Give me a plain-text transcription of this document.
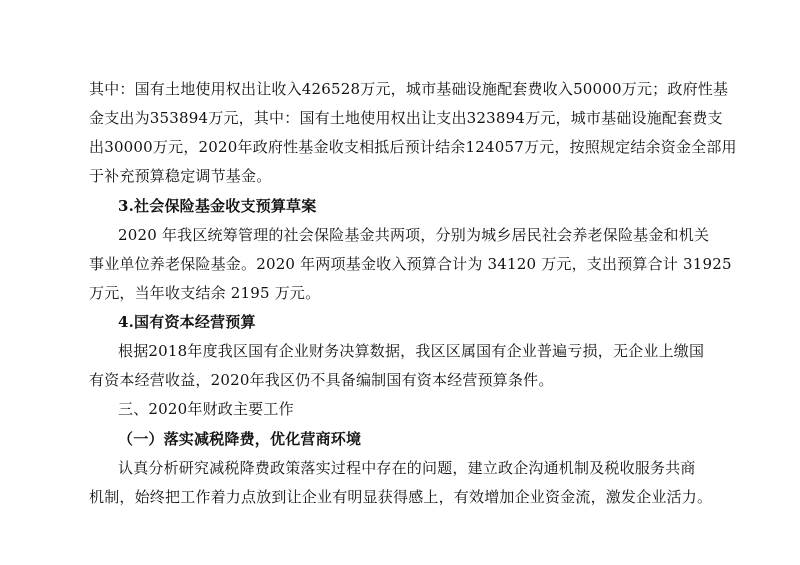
其中：国有土地使用权出让收入426528万元，城市基础设施配套费收入50000万元；政府性基
金支出为353894万元，其中：国有土地使用权出让支出323894万元，城市基础设施配套费支
出30000万元，2020年政府性基金收支相抵后预计结余124057万元，按照规定结余资金全部用
于补充预算稳定调节基金。
3.社会保险基金收支预算草案
2020 年我区统筹管理的社会保险基金共两项，分别为城乡居民社会养老保险基金和机关
事业单位养老保险基金。2020 年两项基金收入预算合计为 34120 万元，支出预算合计 31925
万元，当年收支结余 2195 万元。
4.国有资本经营预算
根据2018年度我区国有企业财务决算数据，我区区属国有企业普遍亏损，无企业上缴国
有资本经营收益，2020年我区仍不具备编制国有资本经营预算条件。
三、2020年财政主要工作
（一）落实减税降费，优化营商环境
认真分析研究减税降费政策落实过程中存在的问题，建立政企沟通机制及税收服务共商
机制，始终把工作着力点放到让企业有明显获得感上，有效增加企业资金流，激发企业活力。
